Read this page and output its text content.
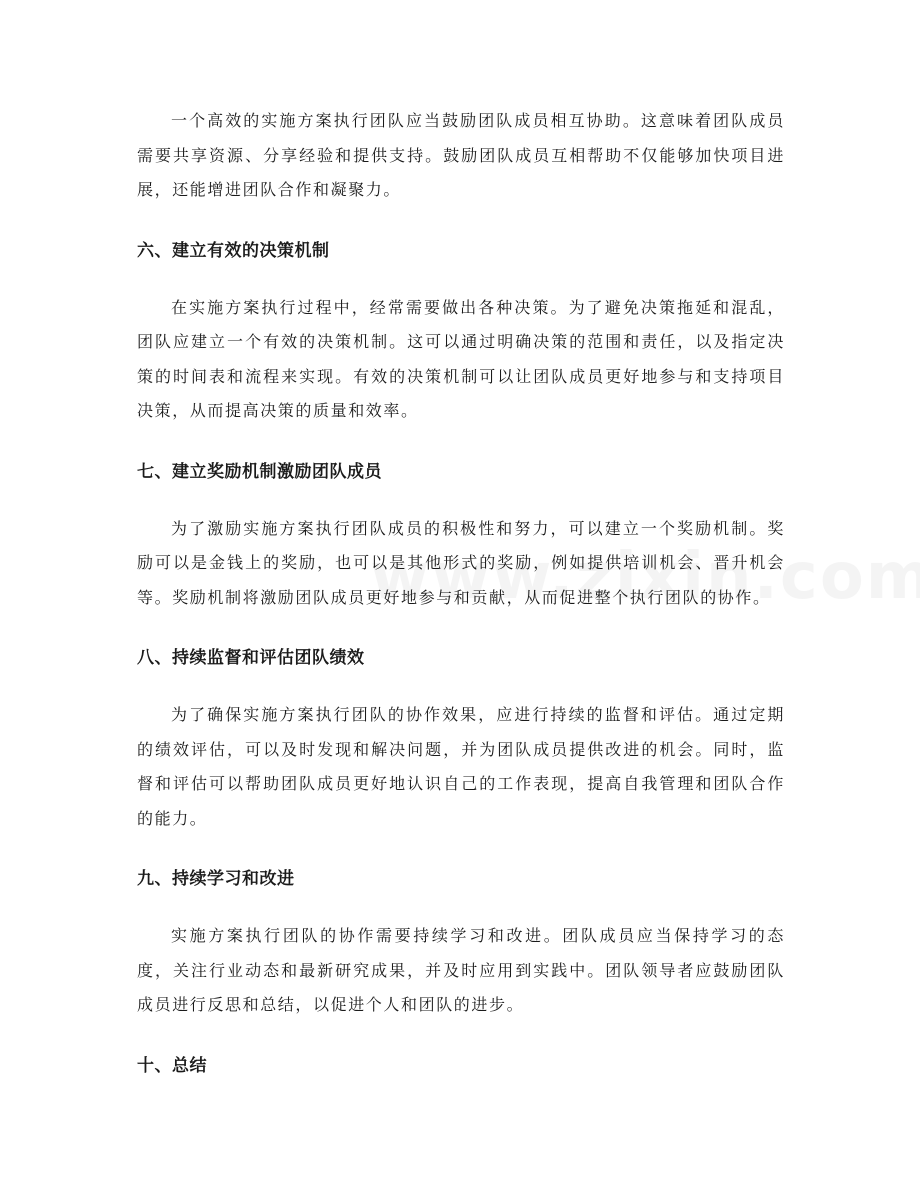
一个高效的实施方案执行团队应当鼓励团队成员相互协助。这意味着团队成员需要共享资源、分享经验和提供支持。鼓励团队成员互相帮助不仅能够加快项目进展，还能增进团队合作和凝聚力。

六、建立有效的决策机制

在实施方案执行过程中，经常需要做出各种决策。为了避免决策拖延和混乱，团队应建立一个有效的决策机制。这可以通过明确决策的范围和责任，以及指定决策的时间表和流程来实现。有效的决策机制可以让团队成员更好地参与和支持项目决策，从而提高决策的质量和效率。

七、建立奖励机制激励团队成员

为了激励实施方案执行团队成员的积极性和努力，可以建立一个奖励机制。奖励可以是金钱上的奖励，也可以是其他形式的奖励，例如提供培训机会、晋升机会等。奖励机制将激励团队成员更好地参与和贡献，从而促进整个执行团队的协作。

八、持续监督和评估团队绩效

为了确保实施方案执行团队的协作效果，应进行持续的监督和评估。通过定期的绩效评估，可以及时发现和解决问题，并为团队成员提供改进的机会。同时，监督和评估可以帮助团队成员更好地认识自己的工作表现，提高自我管理和团队合作的能力。

九、持续学习和改进

实施方案执行团队的协作需要持续学习和改进。团队成员应当保持学习的态度，关注行业动态和最新研究成果，并及时应用到实践中。团队领导者应鼓励团队成员进行反思和总结，以促进个人和团队的进步。

十、总结
